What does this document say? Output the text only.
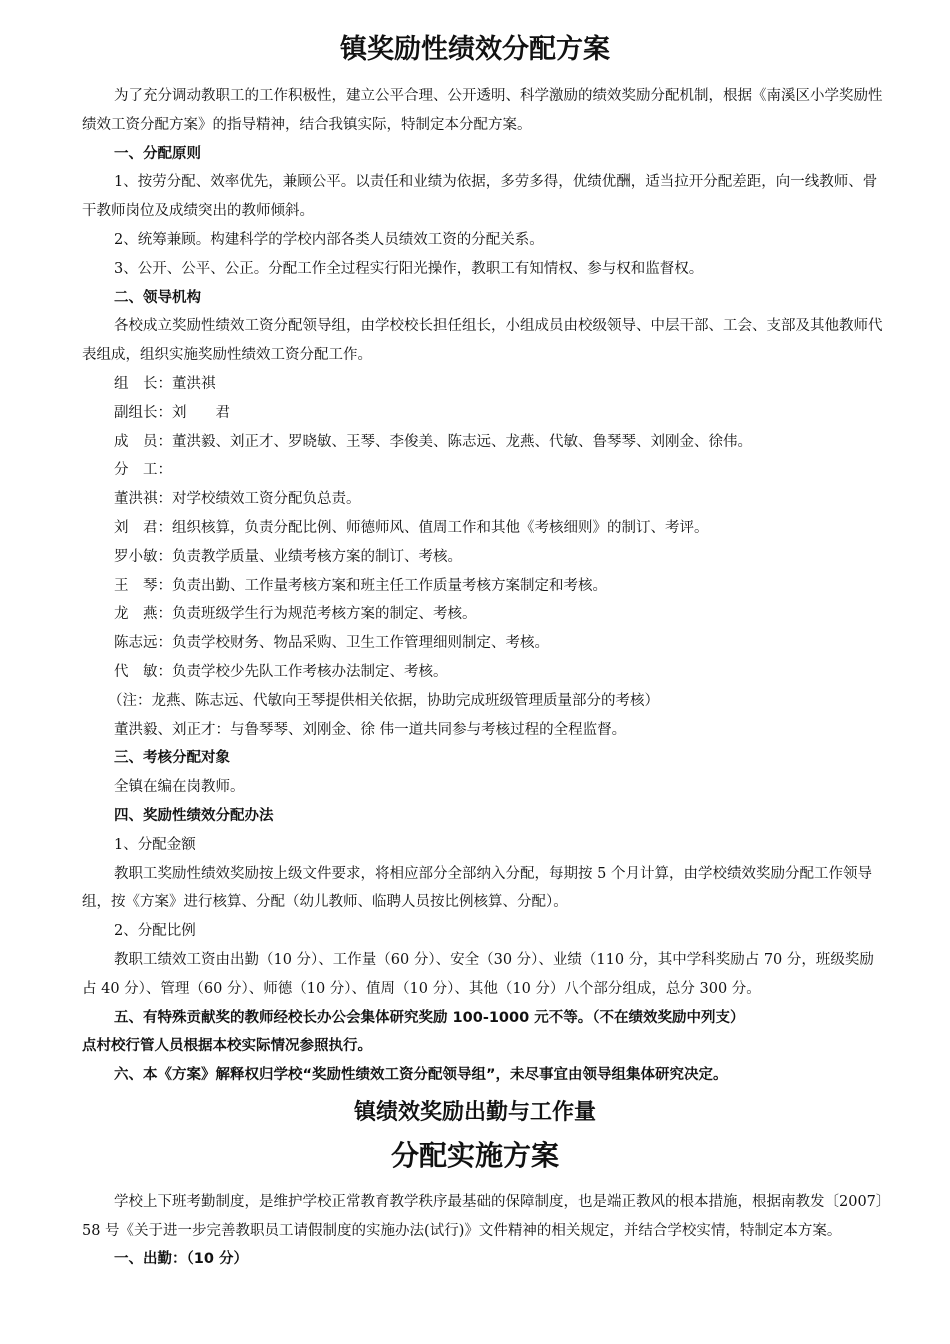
镇奖励性绩效分配方案

为了充分调动教职工的工作积极性，建立公平合理、公开透明、科学激励的绩效奖励分配机制，根据《南溪区小学奖励性绩效工资分配方案》的指导精神，结合我镇实际，特制定本分配方案。

一、分配原则

1、按劳分配、效率优先，兼顾公平。以责任和业绩为依据，多劳多得，优绩优酬，适当拉开分配差距，向一线教师、骨干教师岗位及成绩突出的教师倾斜。

2、统筹兼顾。构建科学的学校内部各类人员绩效工资的分配关系。

3、公开、公平、公正。分配工作全过程实行阳光操作，教职工有知情权、参与权和监督权。

二、领导机构

各校成立奖励性绩效工资分配领导组，由学校校长担任组长，小组成员由校级领导、中层干部、工会、支部及其他教师代表组成，组织实施奖励性绩效工资分配工作。

组　长：董洪祺

副组长：刘　　君

成　员：董洪毅、刘正才、罗晓敏、王琴、李俊美、陈志远、龙燕、代敏、鲁琴琴、刘刚金、徐伟。

分　工：

董洪祺：对学校绩效工资分配负总责。

刘　君：组织核算，负责分配比例、师德师风、值周工作和其他《考核细则》的制订、考评。

罗小敏：负责教学质量、业绩考核方案的制订、考核。

王　琴：负责出勤、工作量考核方案和班主任工作质量考核方案制定和考核。

龙　燕：负责班级学生行为规范考核方案的制定、考核。

陈志远：负责学校财务、物品采购、卫生工作管理细则制定、考核。

代　敏：负责学校少先队工作考核办法制定、考核。

（注：龙燕、陈志远、代敏向王琴提供相关依据，协助完成班级管理质量部分的考核）

董洪毅、刘正才：与鲁琴琴、刘刚金、徐 伟一道共同参与考核过程的全程监督。

三、考核分配对象

全镇在编在岗教师。

四、奖励性绩效分配办法

1、分配金额

教职工奖励性绩效奖励按上级文件要求，将相应部分全部纳入分配，每期按 5 个月计算，由学校绩效奖励分配工作领导组，按《方案》进行核算、分配（幼儿教师、临聘人员按比例核算、分配）。

2、分配比例

教职工绩效工资由出勤（10 分）、工作量（60 分）、安全（30 分）、业绩（110 分，其中学科奖励占 70 分，班级奖励占 40 分）、管理（60 分）、师德（10 分）、值周（10 分）、其他（10 分）八个部分组成，总分 300 分。

五、有特殊贡献奖的教师经校长办公会集体研究奖励 100-1000 元不等。（不在绩效奖励中列支）

点村校行管人员根据本校实际情况参照执行。

六、本《方案》解释权归学校“奖励性绩效工资分配领导组”，未尽事宜由领导组集体研究决定。

镇绩效奖励出勤与工作量
分配实施方案

学校上下班考勤制度，是维护学校正常教育教学秩序最基础的保障制度，也是端正教风的根本措施，根据南教发〔2007〕58 号《关于进一步完善教职员工请假制度的实施办法(试行)》文件精神的相关规定，并结合学校实情，特制定本方案。

一、出勤：（10 分）
